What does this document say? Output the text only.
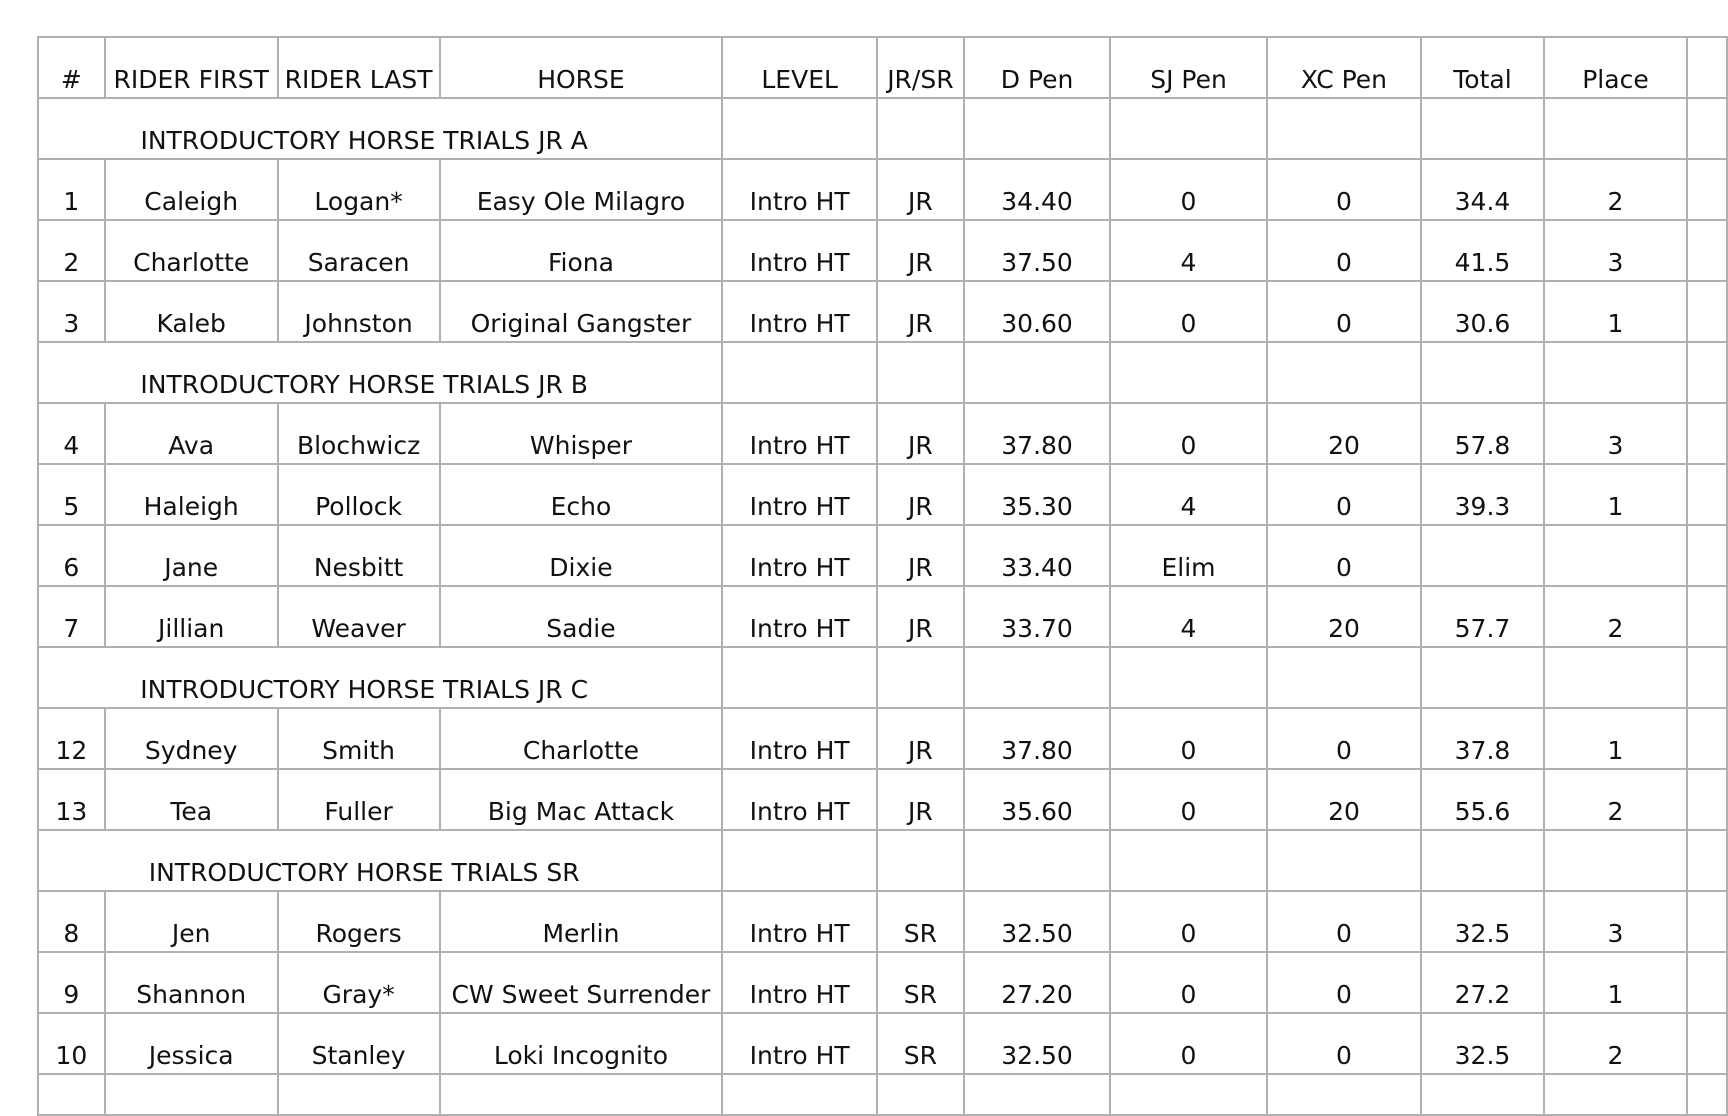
#	RIDER FIRST	RIDER LAST	HORSE	LEVEL	JR/SR	D Pen	SJ Pen	XC Pen	Total	Place	
INTRODUCTORY HORSE TRIALS JR A											
1	Caleigh	Logan*	Easy Ole Milagro	Intro HT	JR	34.40	0	0	34.4	2	
2	Charlotte	Saracen	Fiona	Intro HT	JR	37.50	4	0	41.5	3	
3	Kaleb	Johnston	Original Gangster	Intro HT	JR	30.60	0	0	30.6	1	
INTRODUCTORY HORSE TRIALS JR B											
4	Ava	Blochwicz	Whisper	Intro HT	JR	37.80	0	20	57.8	3	
5	Haleigh	Pollock	Echo	Intro HT	JR	35.30	4	0	39.3	1	
6	Jane	Nesbitt	Dixie	Intro HT	JR	33.40	Elim	0			
7	Jillian	Weaver	Sadie	Intro HT	JR	33.70	4	20	57.7	2	
INTRODUCTORY HORSE TRIALS JR C											
12	Sydney	Smith	Charlotte	Intro HT	JR	37.80	0	0	37.8	1	
13	Tea	Fuller	Big Mac Attack	Intro HT	JR	35.60	0	20	55.6	2	
INTRODUCTORY HORSE TRIALS SR											
8	Jen	Rogers	Merlin	Intro HT	SR	32.50	0	0	32.5	3	
9	Shannon	Gray*	CW Sweet Surrender	Intro HT	SR	27.20	0	0	27.2	1	
10	Jessica	Stanley	Loki Incognito	Intro HT	SR	32.50	0	0	32.5	2	
